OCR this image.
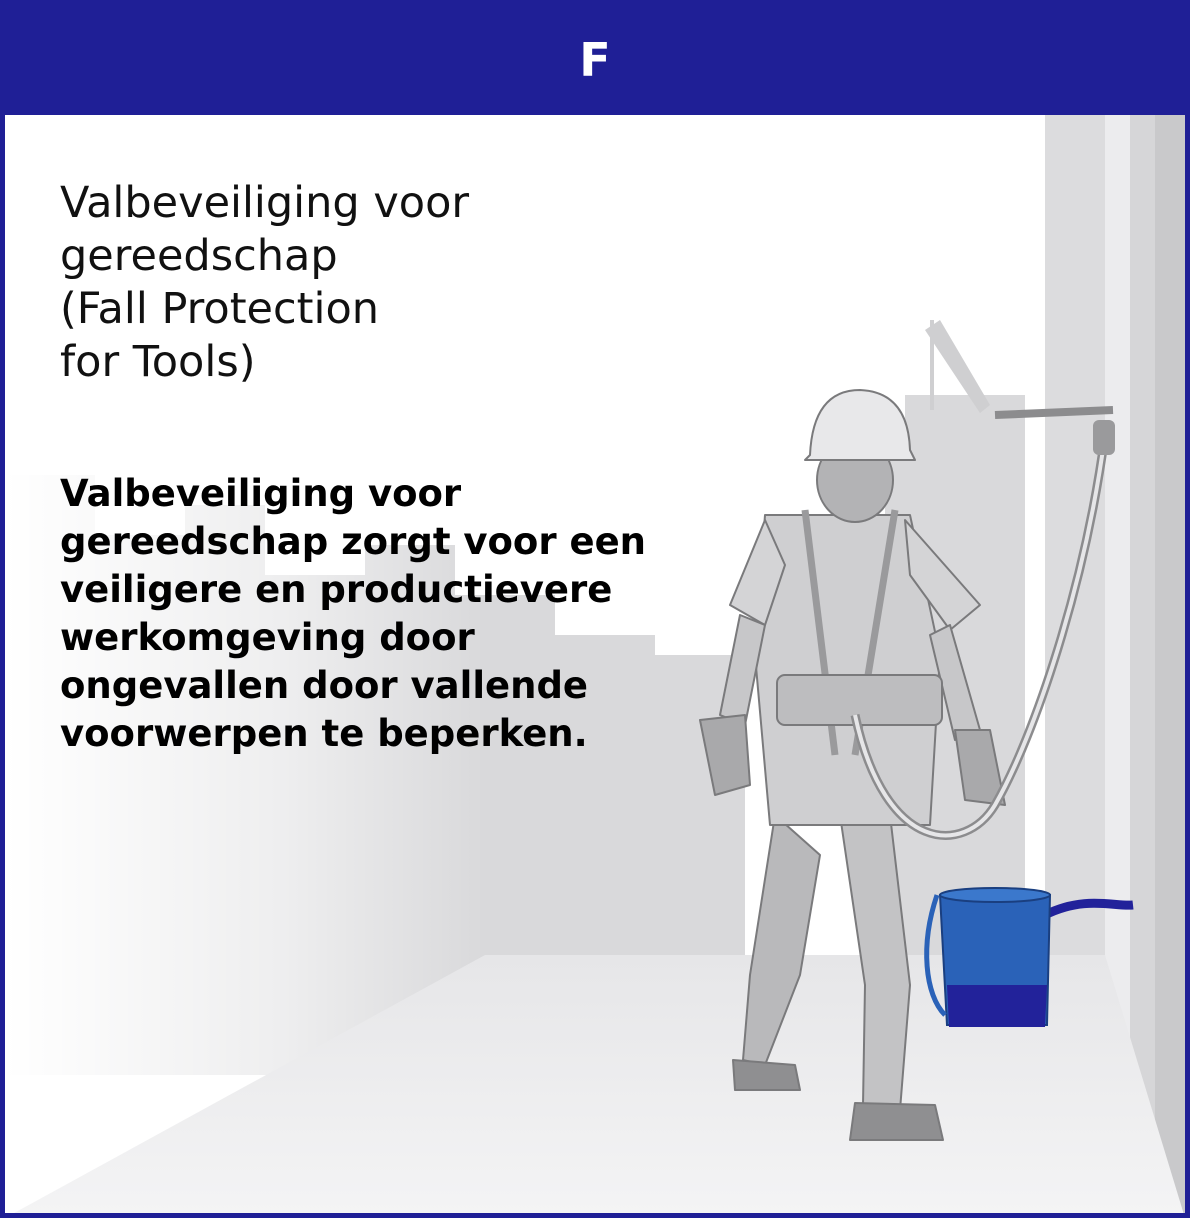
F
Valbeveiliging voor
gereedschap
(Fall Protection
for Tools)
Valbeveiliging voor
gereedschap zorgt voor een
veiligere en productievere
werkomgeving door
ongevallen door vallende
voorwerpen te beperken.
